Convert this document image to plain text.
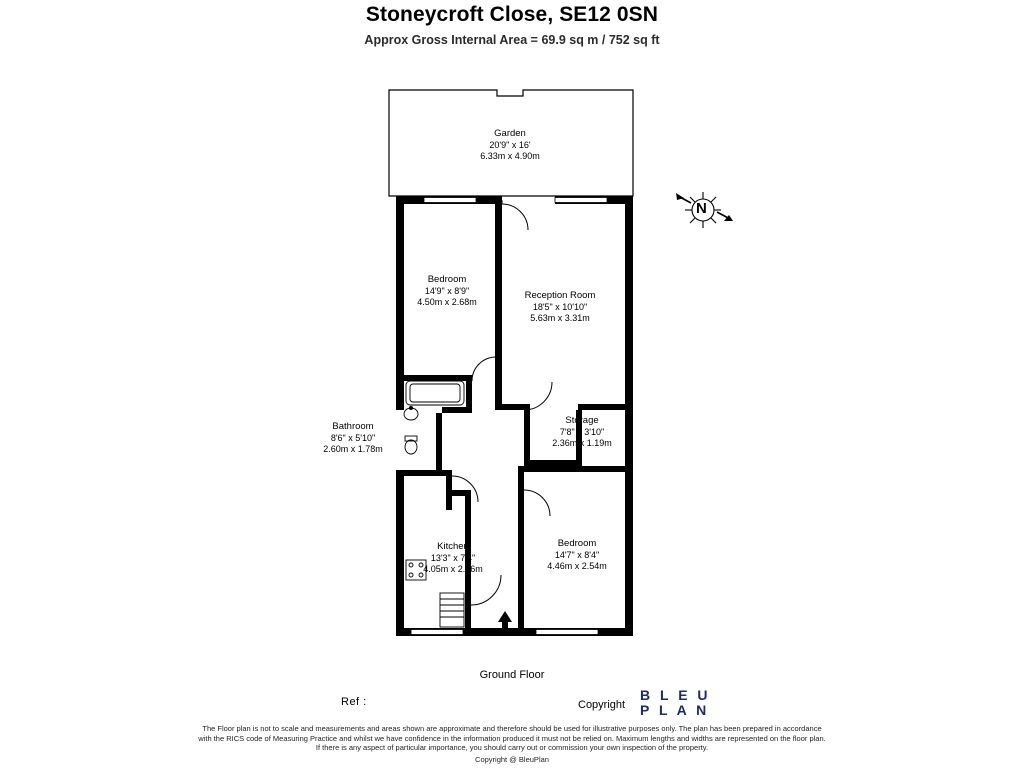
Stoneycroft Close, SE12 0SN
Approx Gross Internal Area = 69.9 sq m / 752 sq ft
Garden
20'9" x 16'
6.33m x 4.90m
Bedroom
14'9" x 8'9"
4.50m x 2.68m
Reception Room
18'5" x 10'10"
5.63m x 3.31m
Bathroom
8'6" x 5'10"
2.60m x 1.78m
Storage
7'8" x 3'10"
2.36m x 1.19m
Bedroom
14'7" x 8'4"
4.46m x 2.54m
Kitchen
13'3" x 7'4"
4.05m x 2.26m
N
Ground Floor
Ref :	Copyright
B L E U
P L A N
The Floor plan is not to scale and measurements and areas shown are approximate and therefore should be used for illustrative purposes only. The plan has been prepared in accordance
with the RICS code of Measuring Practice and whilst we have confidence in the information produced it must not be relied on. Maximum lengths and widths are represented on the floor plan.
If there is any aspect of particular importance, you should carry out or commission your own inspection of the property.
Copyright @ BleuPlan
